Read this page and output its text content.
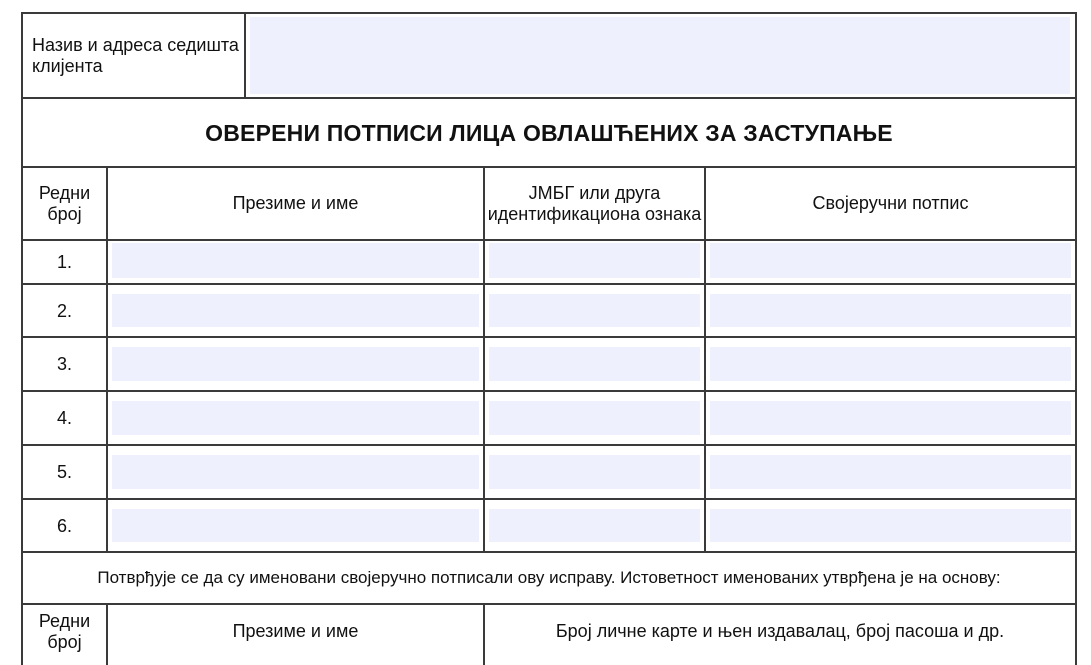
Назив и адреса седишта клијента
ОВЕРЕНИ ПОТПИСИ ЛИЦА ОВЛАШЋЕНИХ ЗА ЗАСТУПАЊЕ
Редни број
Презиме и име
ЈМБГ или друга идентификациона ознака
Својеручни потпис
1.
2.
3.
4.
5.
6.
Потврђује се да су именовани својеручно потписали ову исправу. Истоветност именованих утврђена је на основу:
Редни број
Презиме и име	Број личне карте и њен издавалац, број пасоша и др.
